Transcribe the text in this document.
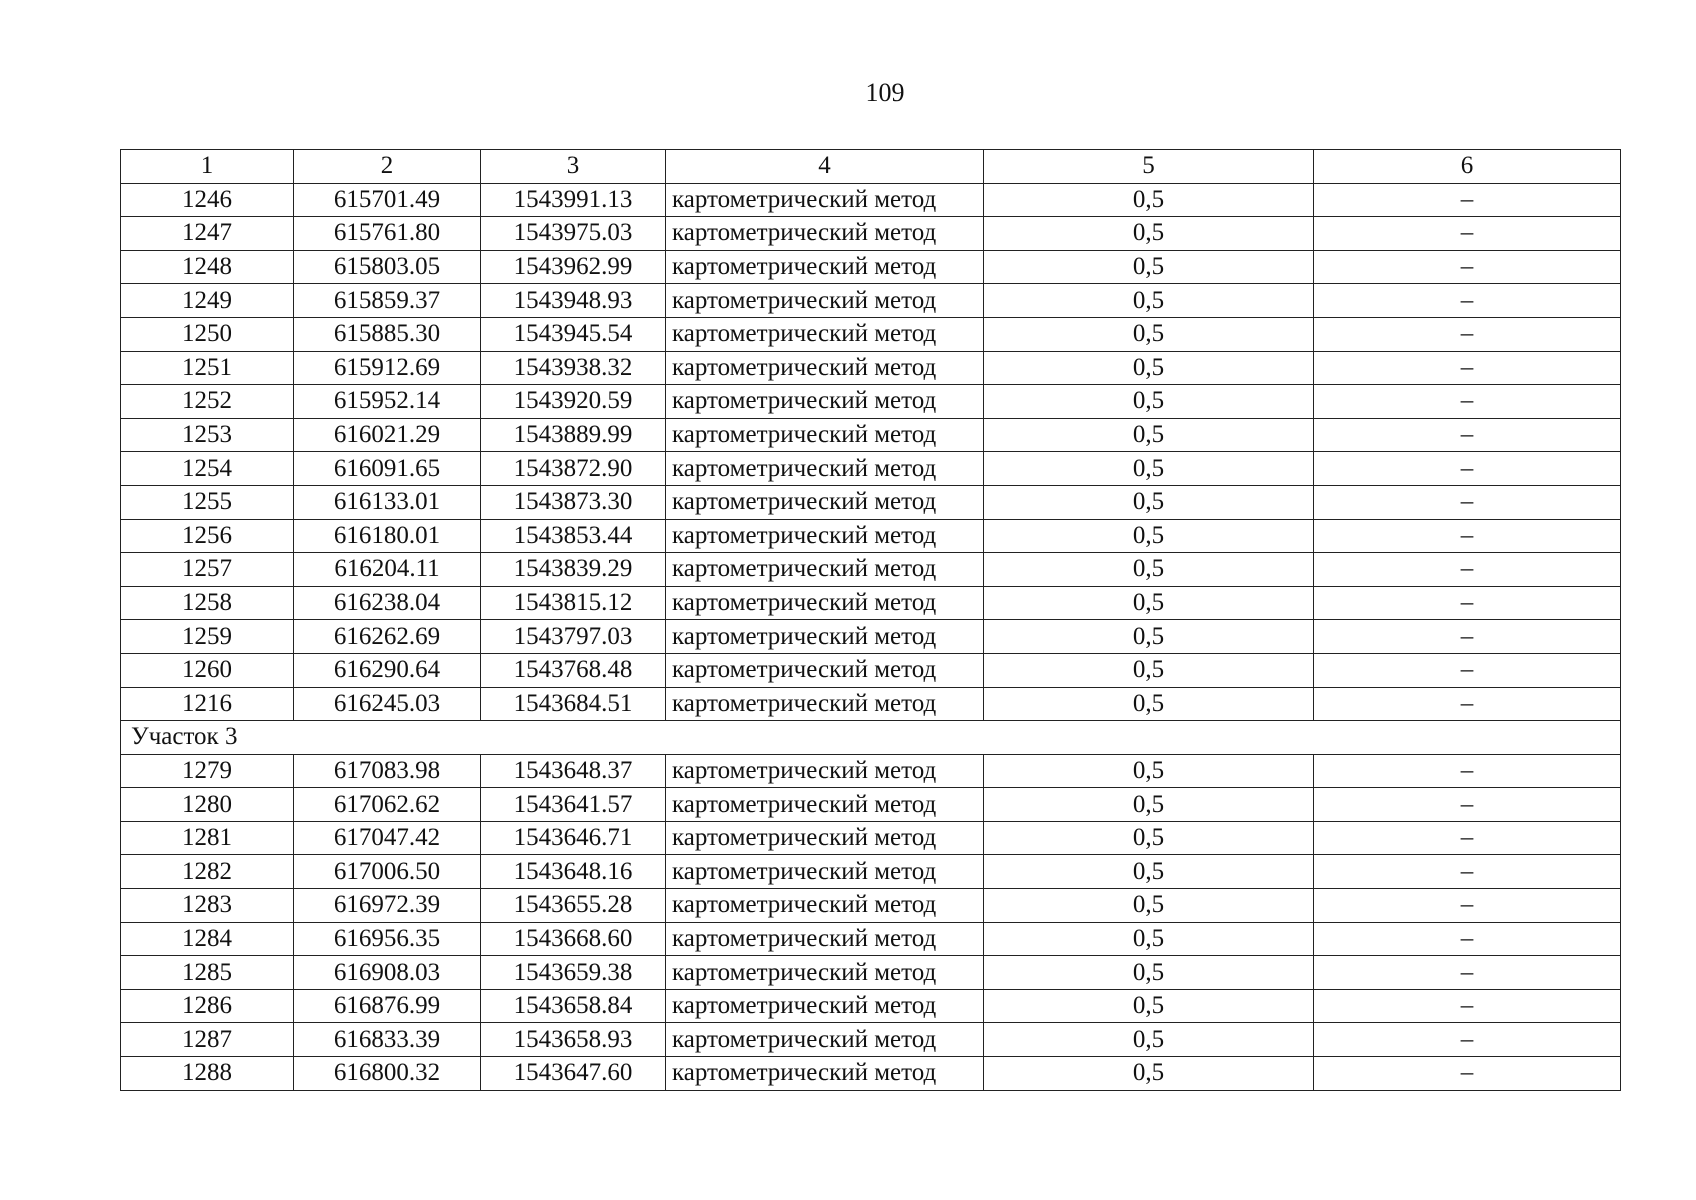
109
1	2	3	4	5	6
1246	615701.49	1543991.13	картометрический метод	0,5	–
1247	615761.80	1543975.03	картометрический метод	0,5	–
1248	615803.05	1543962.99	картометрический метод	0,5	–
1249	615859.37	1543948.93	картометрический метод	0,5	–
1250	615885.30	1543945.54	картометрический метод	0,5	–
1251	615912.69	1543938.32	картометрический метод	0,5	–
1252	615952.14	1543920.59	картометрический метод	0,5	–
1253	616021.29	1543889.99	картометрический метод	0,5	–
1254	616091.65	1543872.90	картометрический метод	0,5	–
1255	616133.01	1543873.30	картометрический метод	0,5	–
1256	616180.01	1543853.44	картометрический метод	0,5	–
1257	616204.11	1543839.29	картометрический метод	0,5	–
1258	616238.04	1543815.12	картометрический метод	0,5	–
1259	616262.69	1543797.03	картометрический метод	0,5	–
1260	616290.64	1543768.48	картометрический метод	0,5	–
1216	616245.03	1543684.51	картометрический метод	0,5	–
Участок 3					
1279	617083.98	1543648.37	картометрический метод	0,5	–
1280	617062.62	1543641.57	картометрический метод	0,5	–
1281	617047.42	1543646.71	картометрический метод	0,5	–
1282	617006.50	1543648.16	картометрический метод	0,5	–
1283	616972.39	1543655.28	картометрический метод	0,5	–
1284	616956.35	1543668.60	картометрический метод	0,5	–
1285	616908.03	1543659.38	картометрический метод	0,5	–
1286	616876.99	1543658.84	картометрический метод	0,5	–
1287	616833.39	1543658.93	картометрический метод	0,5	–
1288	616800.32	1543647.60	картометрический метод	0,5	–
